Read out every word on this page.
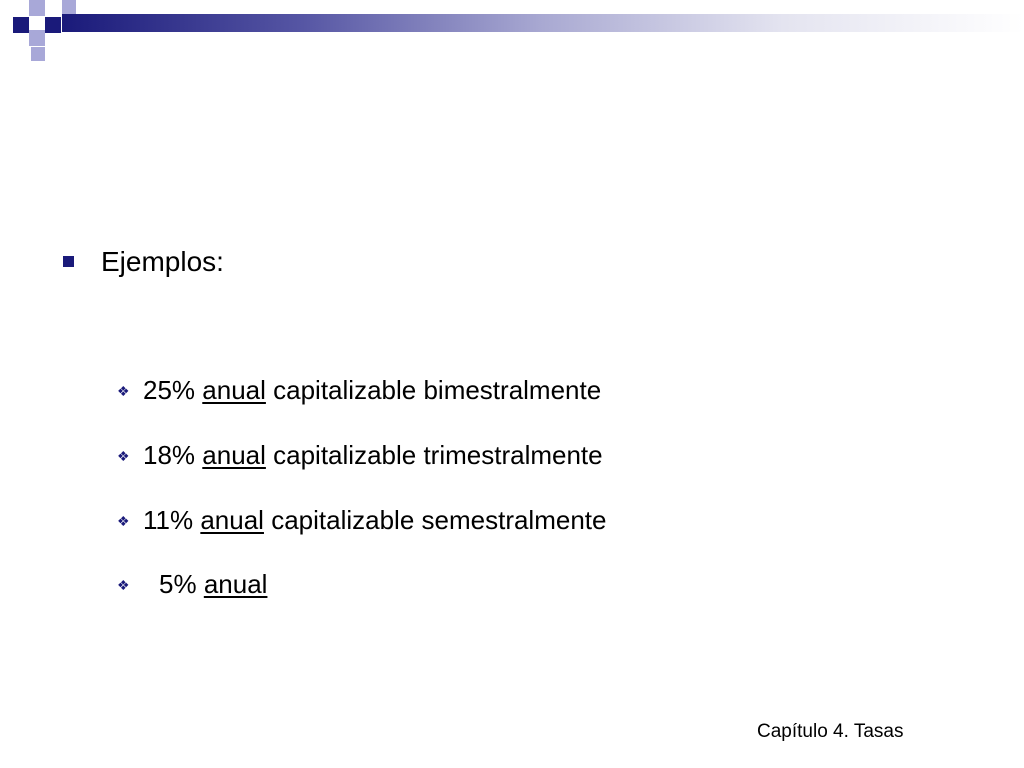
Ejemplos:
❖ 25% anual capitalizable bimestralmente
❖ 18% anual capitalizable trimestralmente
❖ 11% anual capitalizable semestralmente
❖ 5% anual
Capítulo 4. Tasas
